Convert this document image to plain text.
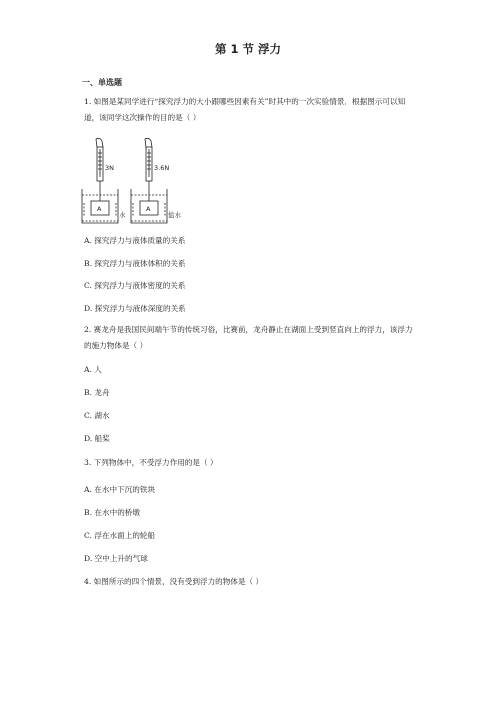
第 1 节 浮力
一、单选题
1. 如图是某同学进行“探究浮力的大小跟哪些因素有关”时其中的一次实验情景．根据图示可以知道，该同学这次操作的目的是（ ）
3N
A
水
3.6N
A
盐水
A. 探究浮力与液体质量的关系
B. 探究浮力与液体体积的关系
C. 探究浮力与液体密度的关系
D. 探究浮力与液体深度的关系
2. 赛龙舟是我国民间端午节的传统习俗，比赛前，龙舟静止在湖面上受到竖直向上的浮力，该浮力的施力物体是（ ）
A. 人
B. 龙舟
C. 湖水
D. 船桨
3. 下列物体中，不受浮力作用的是（ ）
A. 在水中下沉的铁块
B. 在水中的桥墩
C. 浮在水面上的轮船
D. 空中上升的气球
4. 如图所示的四个情景，没有受到浮力的物体是（ ）
